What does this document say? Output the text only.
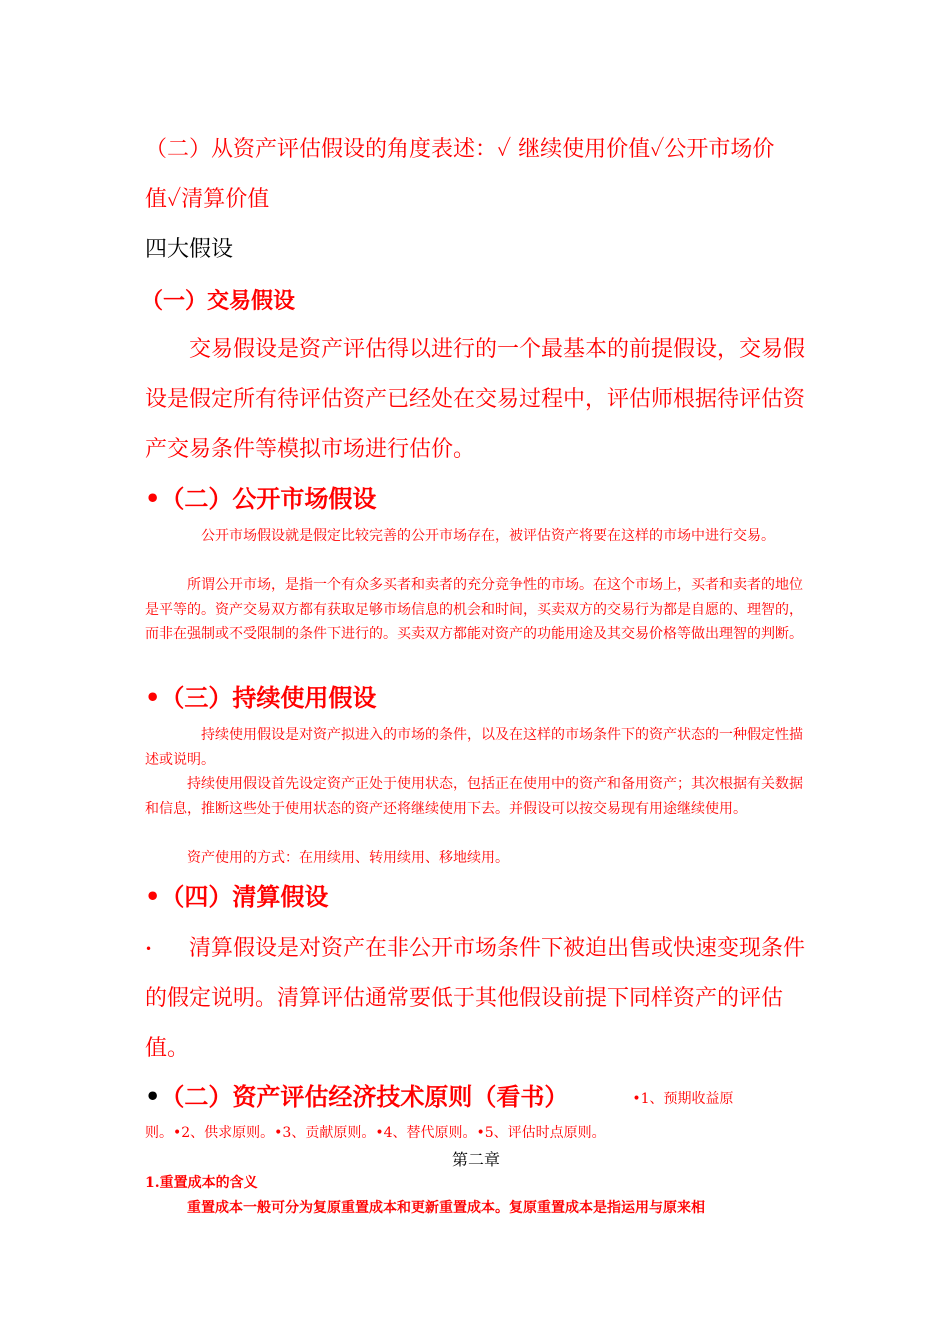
（二）从资产评估假设的角度表述：✓ 继续使用价值✓公开市场价

值✓清算价值

四大假设

（一）交易假设

交易假设是资产评估得以进行的一个最基本的前提假设，交易假设是假定所有待评估资产已经处在交易过程中，评估师根据待评估资产交易条件等模拟市场进行估价。

•（二）公开市场假设

公开市场假设就是假定比较完善的公开市场存在，被评估资产将要在这样的市场中进行交易。

所谓公开市场，是指一个有众多买者和卖者的充分竞争性的市场。在这个市场上，买者和卖者的地位是平等的。资产交易双方都有获取足够市场信息的机会和时间，买卖双方的交易行为都是自愿的、理智的，而非在强制或不受限制的条件下进行的。买卖双方都能对资产的功能用途及其交易价格等做出理智的判断。

•（三）持续使用假设

持续使用假设是对资产拟进入的市场的条件，以及在这样的市场条件下的资产状态的一种假定性描述或说明。

持续使用假设首先设定资产正处于使用状态，包括正在使用中的资产和备用资产；其次根据有关数据和信息，推断这些处于使用状态的资产还将继续使用下去。并假设可以按交易现有用途继续使用。

资产使用的方式：在用续用、转用续用、移地续用。

•（四）清算假设
• 清算假设是对资产在非公开市场条件下被迫出售或快速变现条件的假定说明。清算评估通常要低于其他假设前提下同样资产的评估值。
•（二）资产评估经济技术原则（看书）	•1、预期收益原

则。•2、供求原则。•3、贡献原则。•4、替代原则。•5、评估时点原则。

第二章

1.重置成本的含义

重置成本一般可分为复原重置成本和更新重置成本。复原重置成本是指运用与原来相
